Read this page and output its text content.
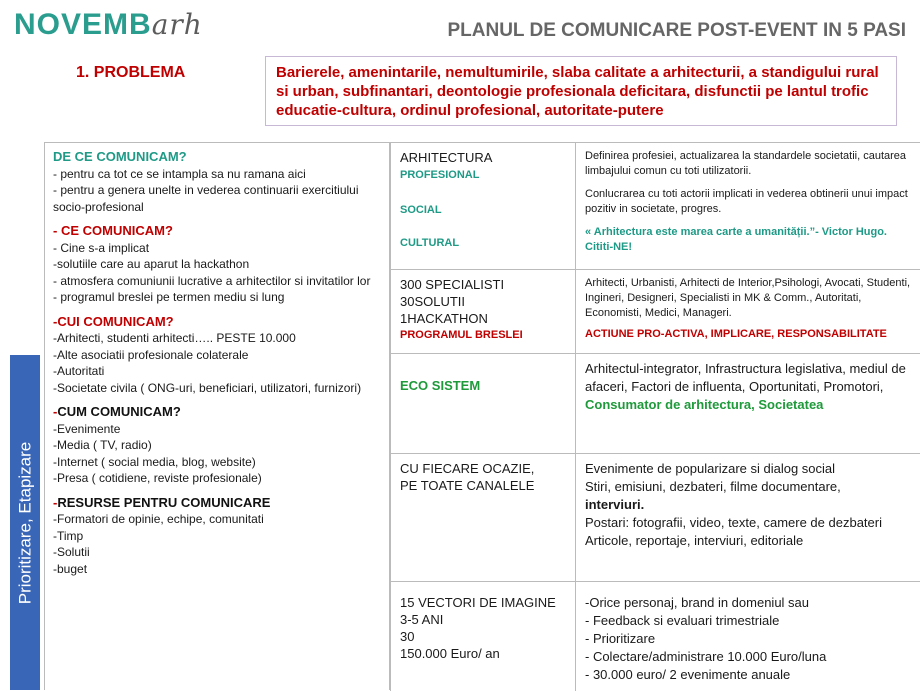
NOVEMBarh	PLANUL DE COMUNICARE POST-EVENT IN 5 PASI
1. PROBLEMA	Barierele, amenintarile, nemultumirile, slaba calitate a arhitecturii, a standigului rural si urban, subfinantari, deontologie profesionala deficitara, disfunctii pe lantul trofic educatie-cultura, ordinul profesional, autoritate-putere
Prioritizare, Etapizare

DE CE COMUNICAM?

- pentru ca tot ce se intampla sa nu ramana aici

- pentru a genera unelte in vederea continuarii exercitiului socio-profesional

- CE COMUNICAM?

- Cine s-a implicat

-solutiile care au aparut la hackathon

- atmosfera comuniunii lucrative a arhitectilor si invitatilor lor

- programul breslei pe termen mediu si lung

-CUI COMUNICAM?

-Arhitecti, studenti arhitecti….. PESTE 10.000

-Alte asociatii profesionale colaterale

-Autoritati

-Societate civila ( ONG-uri, beneficiari, utilizatori, furnizori)

-CUM COMUNICAM?

-Evenimente

-Media ( TV, radio)

-Internet ( social media, blog, website)

-Presa ( cotidiene, reviste profesionale)

-RESURSE PENTRU COMUNICARE

-Formatori de opinie, echipe, comunitati

-Timp

-Solutii

-buget

ARHITECTURA

PROFESIONAL

SOCIAL

CULTURAL

Definirea profesiei, actualizarea la standardele societatii, cautarea limbajului comun cu toti utilizatorii.

Conlucrarea cu toti actorii implicati in vederea obtinerii unui impact pozitiv in societate, progres.

« Arhitectura este marea carte a umanității.”- Victor Hugo. Cititi-NE!

300 SPECIALISTI

30SOLUTII

1HACKATHON

PROGRAMUL BRESLEI

Arhitecti, Urbanisti, Arhitecti de Interior,Psihologi, Avocati, Studenti, Ingineri, Designeri, Specialisti in MK & Comm., Autoritati, Economisti, Medici, Manageri.

ACTIUNE PRO-ACTIVA, IMPLICARE, RESPONSABILITATE

ECO SISTEM

Arhitectul-integrator, Infrastructura legislativa, mediul de afaceri, Factori de influenta, Oportunitati, Promotori, Consumator de arhitectura, Societatea

CU FIECARE OCAZIE,

PE TOATE CANALELE

Evenimente de popularizare si dialog social

Stiri, emisiuni, dezbateri, filme documentare,

interviuri.

Postari: fotografii, video, texte, camere de dezbateri

Articole, reportaje, interviuri, editoriale

15 VECTORI DE IMAGINE

3-5 ANI

30

150.000 Euro/ an

-Orice personaj, brand in domeniul sau

- Feedback si evaluari trimestriale

- Prioritizare

- Colectare/administrare 10.000 Euro/luna

- 30.000 euro/ 2 evenimente anuale
